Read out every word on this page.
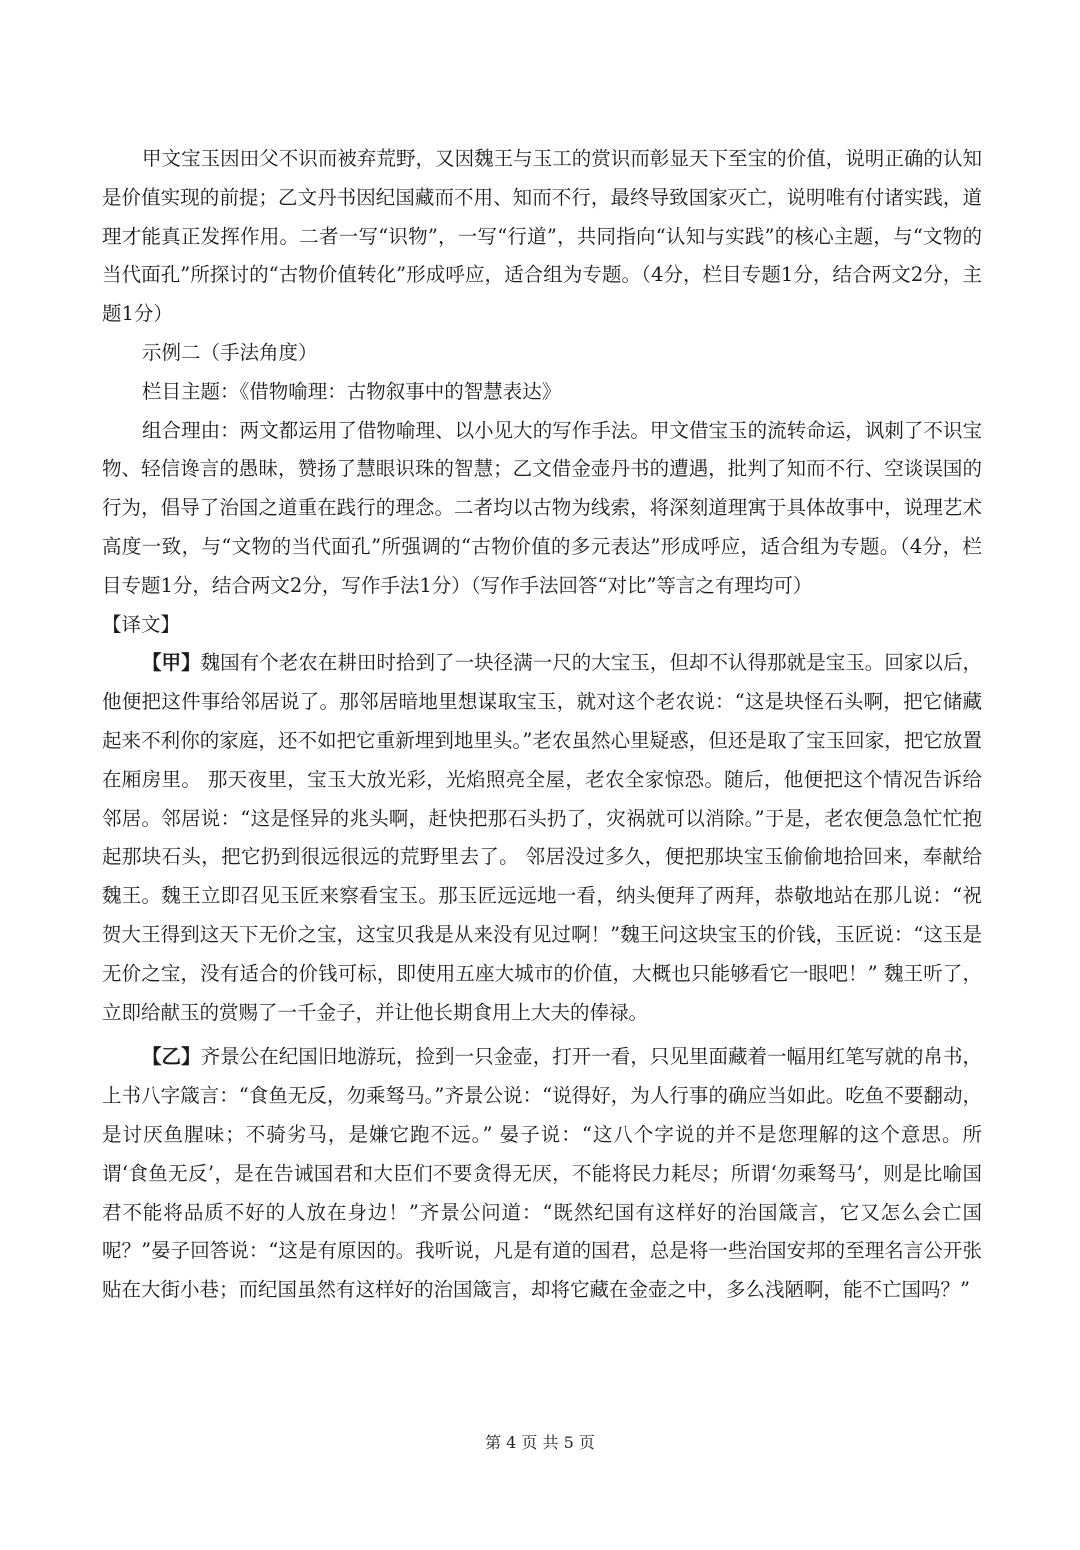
甲文宝玉因田父不识而被弃荒野，又因魏王与玉工的赏识而彰显天下至宝的价值，说明正确的认知是价值实现的前提；乙文丹书因纪国藏而不用、知而不行，最终导致国家灭亡，说明唯有付诸实践，道理才能真正发挥作用。二者一写“识物”，一写“行道”，共同指向“认知与实践”的核心主题，与“文物的当代面孔”所探讨的“古物价值转化”形成呼应，适合组为专题。（4分，栏目专题1分，结合两文2分，主题1分）

示例二（手法角度）

栏目主题：《借物喻理：古物叙事中的智慧表达》

组合理由：两文都运用了借物喻理、以小见大的写作手法。甲文借宝玉的流转命运，讽刺了不识宝物、轻信谗言的愚昧，赞扬了慧眼识珠的智慧；乙文借金壶丹书的遭遇，批判了知而不行、空谈误国的行为，倡导了治国之道重在践行的理念。二者均以古物为线索，将深刻道理寓于具体故事中，说理艺术高度一致，与“文物的当代面孔”所强调的“古物价值的多元表达”形成呼应，适合组为专题。（4分，栏目专题1分，结合两文2分，写作手法1分）（写作手法回答“对比”等言之有理均可）

【译文】

【甲】魏国有个老农在耕田时拾到了一块径满一尺的大宝玉，但却不认得那就是宝玉。回家以后，他便把这件事给邻居说了。那邻居暗地里想谋取宝玉，就对这个老农说：“这是块怪石头啊，把它储藏起来不利你的家庭，还不如把它重新埋到地里头。”老农虽然心里疑惑，但还是取了宝玉回家，把它放置在厢房里。 那天夜里，宝玉大放光彩，光焰照亮全屋，老农全家惊恐。随后，他便把这个情况告诉给邻居。邻居说：“这是怪异的兆头啊，赶快把那石头扔了，灾祸就可以消除。”于是，老农便急急忙忙抱起那块石头，把它扔到很远很远的荒野里去了。 邻居没过多久，便把那块宝玉偷偷地拾回来，奉献给魏王。魏王立即召见玉匠来察看宝玉。那玉匠远远地一看，纳头便拜了两拜，恭敬地站在那儿说：“祝贺大王得到这天下无价之宝，这宝贝我是从来没有见过啊！”魏王问这块宝玉的价钱，玉匠说：“这玉是无价之宝，没有适合的价钱可标，即使用五座大城市的价值，大概也只能够看它一眼吧！” 魏王听了，立即给献玉的赏赐了一千金子，并让他长期食用上大夫的俸禄。

【乙】齐景公在纪国旧地游玩，捡到一只金壶，打开一看，只见里面藏着一幅用红笔写就的帛书，上书八字箴言：“食鱼无反，勿乘驽马。”齐景公说：“说得好，为人行事的确应当如此。吃鱼不要翻动，是讨厌鱼腥味；不骑劣马，是嫌它跑不远。” 晏子说：“这八个字说的并不是您理解的这个意思。所谓‘食鱼无反’，是在告诫国君和大臣们不要贪得无厌，不能将民力耗尽；所谓‘勿乘驽马’，则是比喻国君不能将品质不好的人放在身边！”齐景公问道：“既然纪国有这样好的治国箴言，它又怎么会亡国呢？”晏子回答说：“这是有原因的。我听说，凡是有道的国君，总是将一些治国安邦的至理名言公开张贴在大街小巷；而纪国虽然有这样好的治国箴言，却将它藏在金壶之中，多么浅陋啊，能不亡国吗？”

第 4 页 共 5 页
